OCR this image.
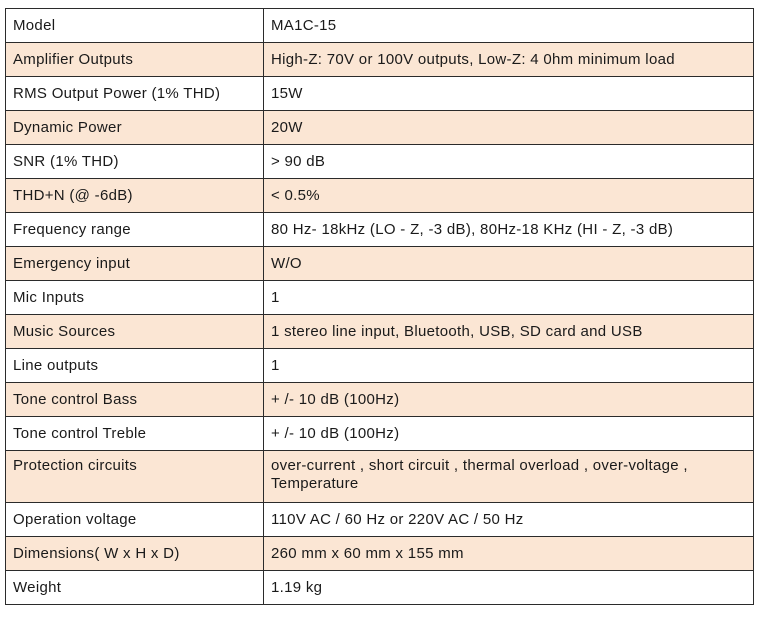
Model	MA1C-15
Amplifier Outputs	High-Z: 70V or 100V outputs, Low-Z: 4 0hm minimum load
RMS Output Power (1% THD)	15W
Dynamic Power	20W
SNR (1% THD)	> 90 dB
THD+N (@ -6dB)	< 0.5%
Frequency range	80 Hz- 18kHz (LO - Z, -3 dB), 80Hz-18 KHz (HI - Z, -3 dB)
Emergency input	W/O
Mic Inputs	1
Music Sources	1 stereo line input, Bluetooth, USB, SD card and USB
Line outputs	1
Tone control Bass	+ /- 10 dB (100Hz)
Tone control Treble	+ /- 10 dB (100Hz)
Protection circuits	over-current , short circuit , thermal overload , over-voltage , Temperature
Operation voltage	110V AC / 60 Hz or 220V AC / 50 Hz
Dimensions( W x H x D)	260 mm x 60 mm x 155 mm
Weight	1.19 kg
